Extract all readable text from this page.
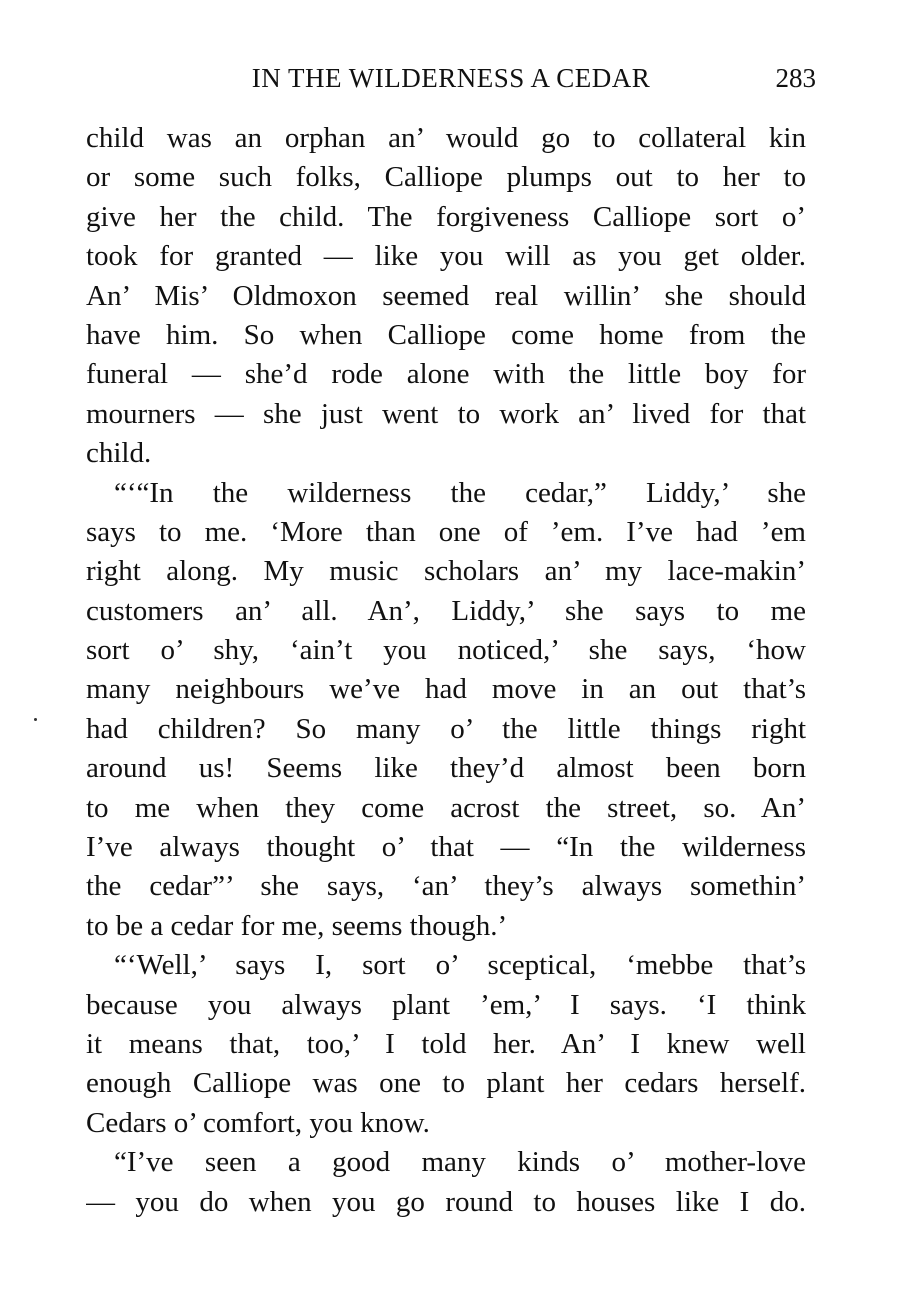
IN THE WILDERNESS A CEDAR	283
child was an orphan an’ would go to collateral kin
or some such folks, Calliope plumps out to her to
give her the child. The forgiveness Calliope sort o’
took for granted — like you will as you get older.
An’ Mis’ Oldmoxon seemed real willin’ she should
have him. So when Calliope come home from the
funeral — she’d rode alone with the little boy for
mourners — she just went to work an’ lived for that
child.
“‘“In the wilderness the cedar,” Liddy,’ she
says to me. ‘More than one of ’em. I’ve had ’em
right along. My music scholars an’ my lace-makin’
customers an’ all. An’, Liddy,’ she says to me
sort o’ shy, ‘ain’t you noticed,’ she says, ‘how
many neighbours we’ve had move in an out that’s
had children? So many o’ the little things right
around us! Seems like they’d almost been born
to me when they come acrost the street, so. An’
I’ve always thought o’ that — “In the wilderness
the cedar”’ she says, ‘an’ they’s always somethin’
to be a cedar for me, seems though.’
“‘Well,’ says I, sort o’ sceptical, ‘mebbe that’s
because you always plant ’em,’ I says. ‘I think
it means that, too,’ I told her. An’ I knew well
enough Calliope was one to plant her cedars herself.
Cedars o’ comfort, you know.
“I’ve seen a good many kinds o’ mother-love
— you do when you go round to houses like I do.
